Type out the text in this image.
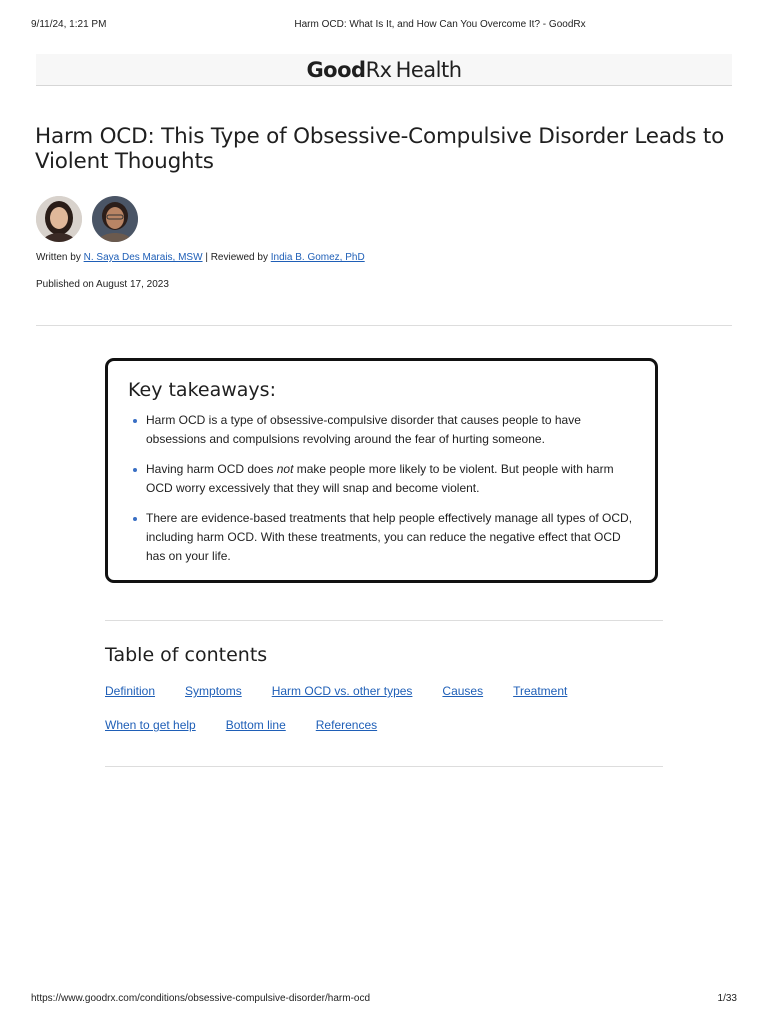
9/11/24, 1:21 PM	Harm OCD: What Is It, and How Can You Overcome It? - GoodRx
GoodRx Health
Harm OCD: This Type of Obsessive-Compulsive Disorder Leads to Violent Thoughts
Written by N. Saya Des Marais, MSW | Reviewed by India B. Gomez, PhD
Published on August 17, 2023
Key takeaways:
Harm OCD is a type of obsessive-compulsive disorder that causes people to have obsessions and compulsions revolving around the fear of hurting someone.
Having harm OCD does not make people more likely to be violent. But people with harm OCD worry excessively that they will snap and become violent.
There are evidence-based treatments that help people effectively manage all types of OCD, including harm OCD. With these treatments, you can reduce the negative effect that OCD has on your life.
Table of contents
Definition	Symptoms	Harm OCD vs. other types	Causes	Treatment
When to get help	Bottom line	References
https://www.goodrx.com/conditions/obsessive-compulsive-disorder/harm-ocd	1/33
